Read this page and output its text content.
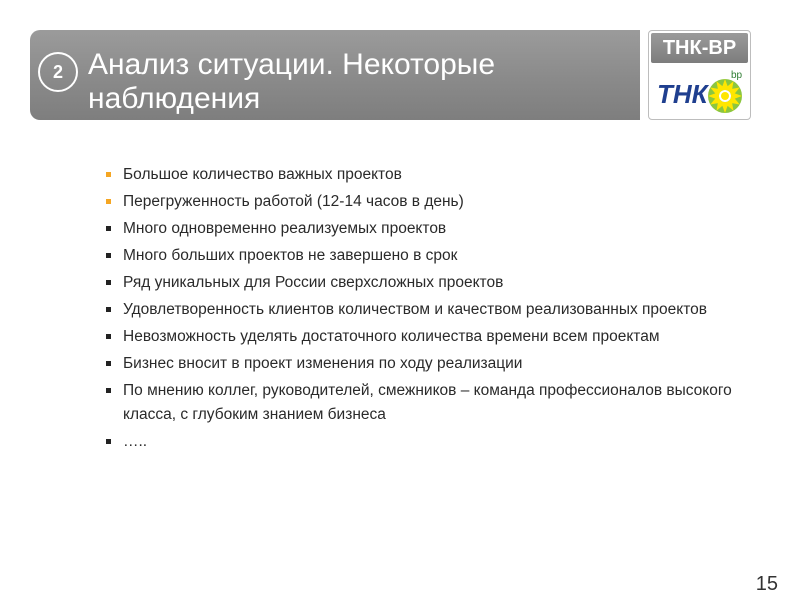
2 Анализ ситуации. Некоторые наблюдения
ТНК-ВР
ТНК
bp
Большое количество важных проектов
Перегруженность работой (12-14 часов в день)
Много одновременно реализуемых проектов
Много больших проектов не завершено в срок
Ряд уникальных для России сверхсложных проектов
Удовлетворенность клиентов количеством и качеством реализованных проектов
Невозможность уделять достаточного количества времени всем проектам
Бизнес вносит в проект изменения по ходу реализации
По мнению коллег, руководителей, смежников – команда профессионалов высокого класса, с глубоким знанием бизнеса
…..
15
